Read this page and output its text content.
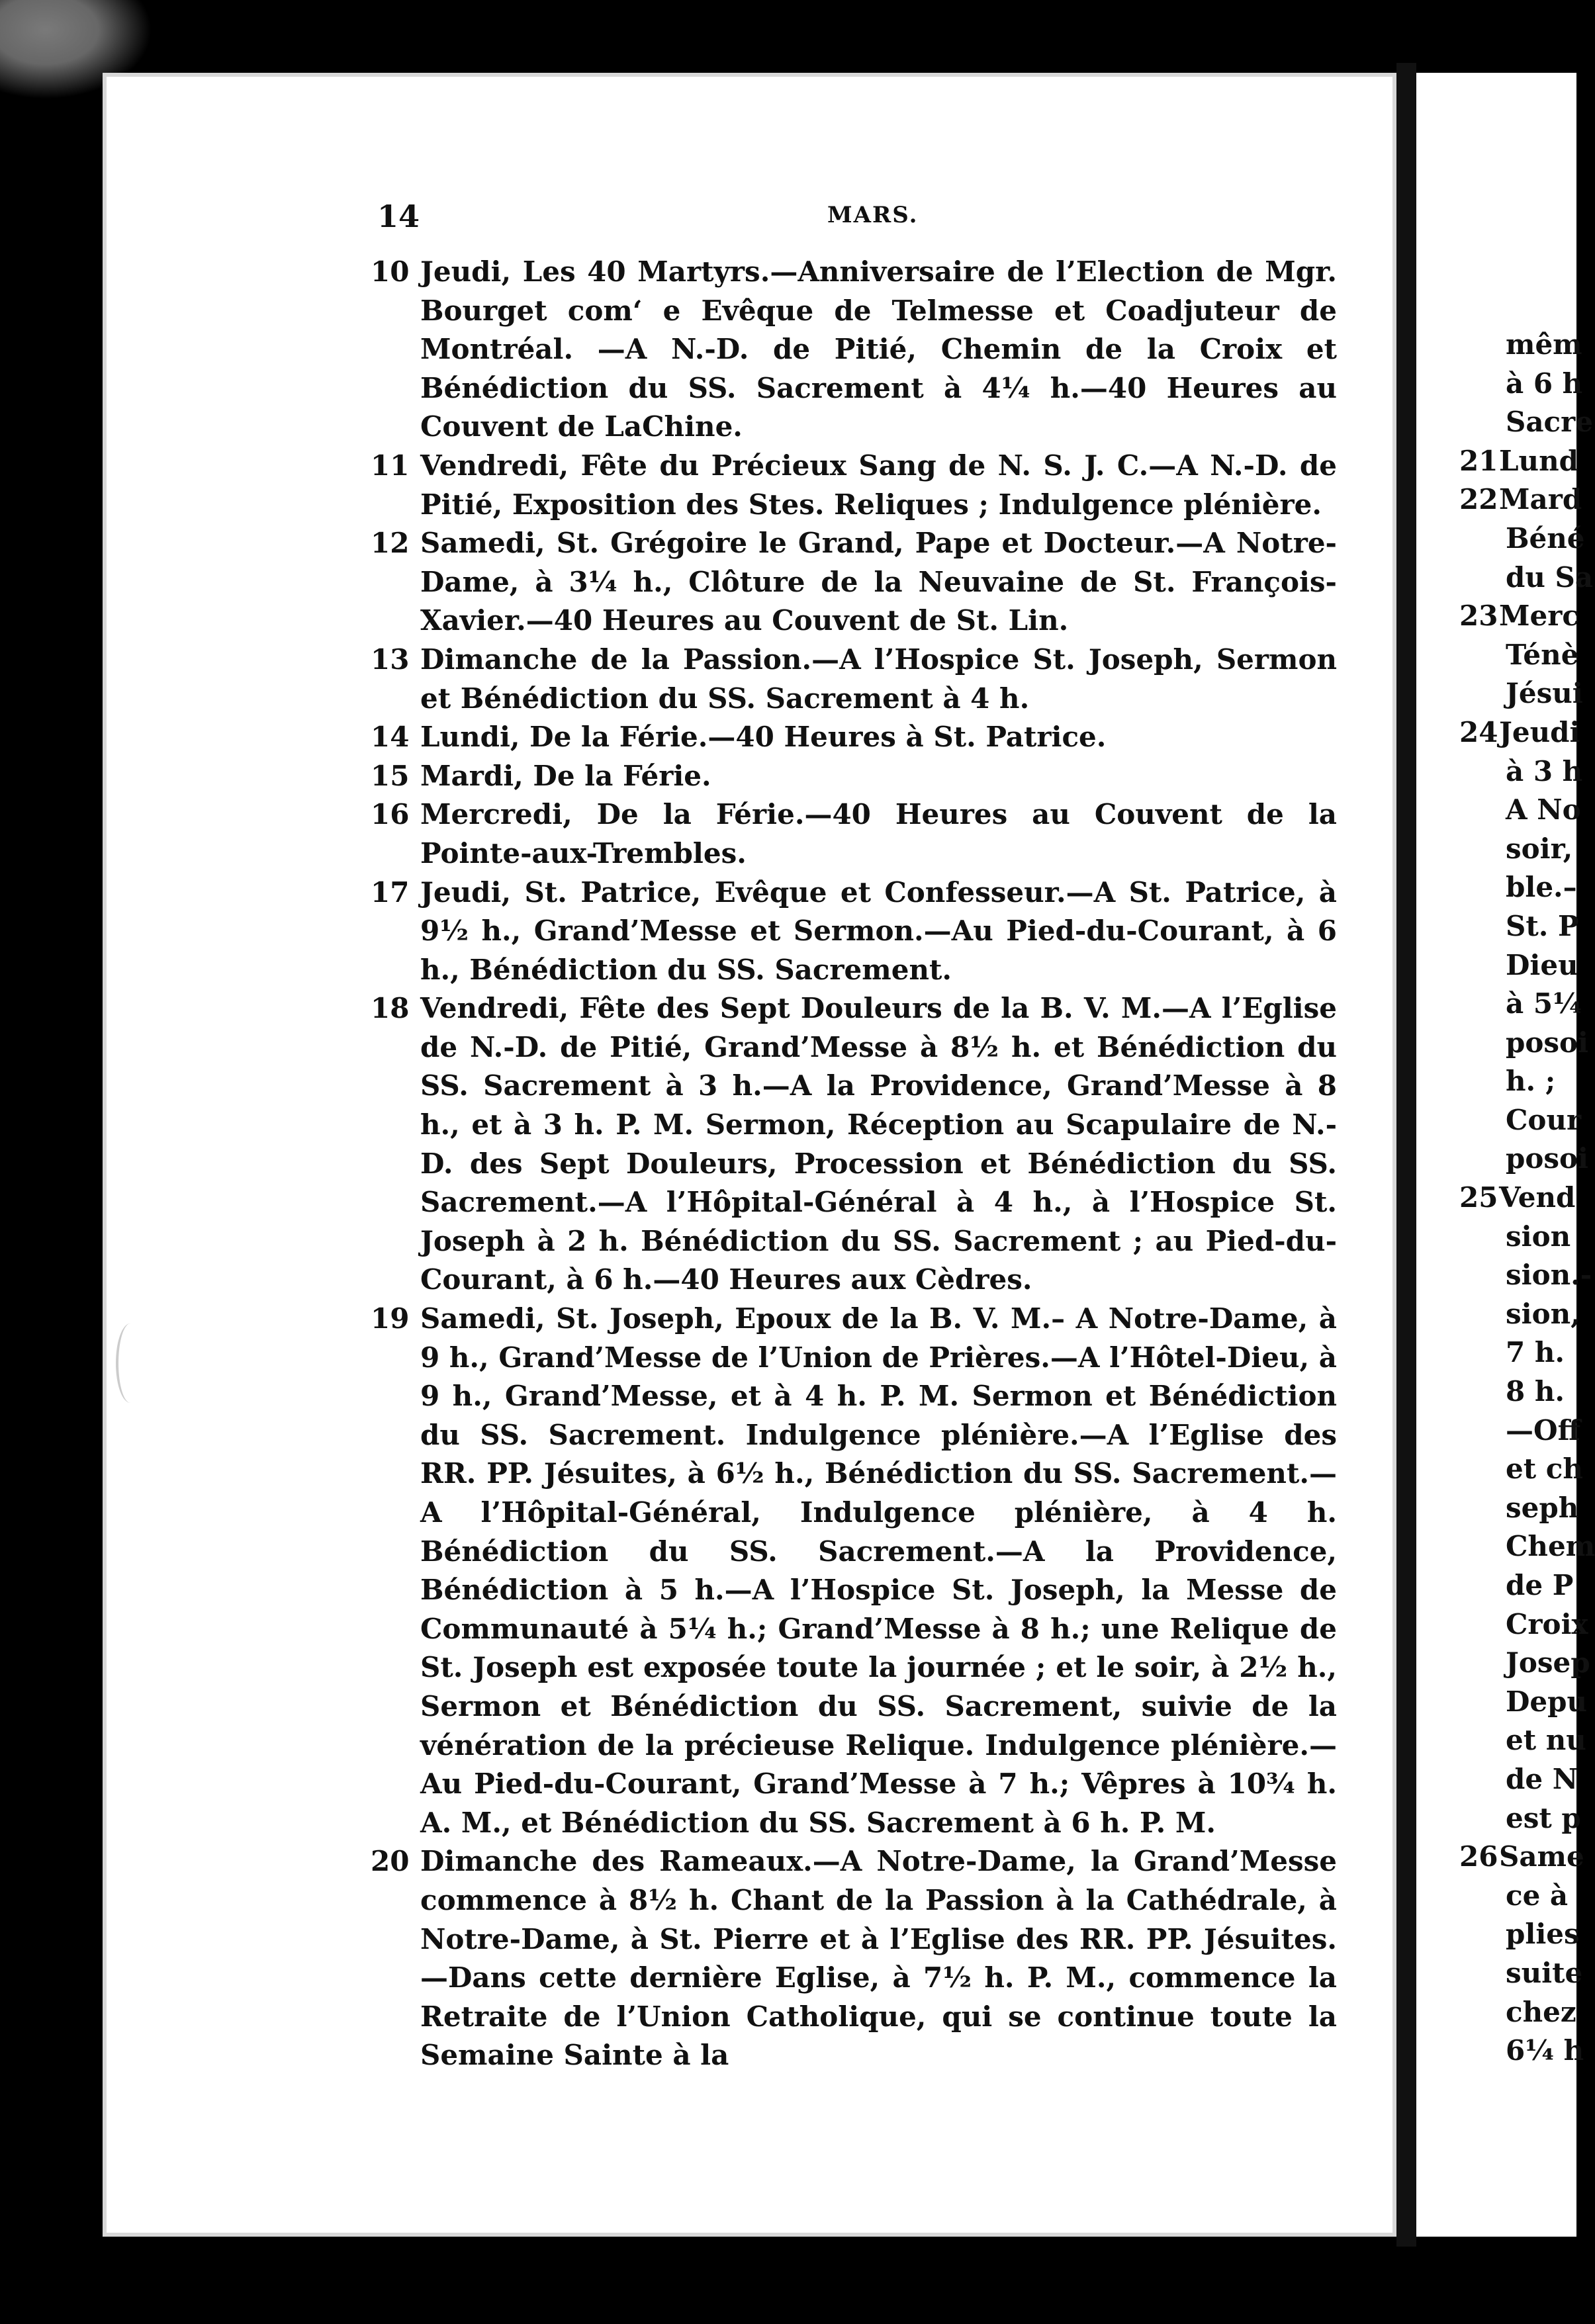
mêm
à 6 h
Sacre
21Lund
22Mard
Béné
du Sa
23Merc
Ténè
Jésui
24Jeudi
à 3 h
A No
soir,
ble.–
St. P
Dieu
à 5¼
posoi
h. ;
Cour
posoi
25Vend
sion
sion.-
sion,
7 h.
8 h.
—Off
et ch
seph
Chem
de P
Croix
Josep
Depu
et nu
de N
est p
26Same
ce à
plies
suite
chez
6¼ h
14	MARS.
10 Jeudi, Les 40 Martyrs.—Anniversaire de l’Election de Mgr. Bourget com‘ e Evêque de Telmesse et Coadjuteur de Montréal. —A N.-D. de Pitié, Chemin de la Croix et Bénédiction du SS. Sacrement à 4¼ h.—40 Heures au Couvent de LaChine.
11 Vendredi, Fête du Précieux Sang de N. S. J. C.—A N.-D. de Pitié, Exposition des Stes. Reliques ; Indulgence plénière.
12 Samedi, St. Grégoire le Grand, Pape et Docteur.—A Notre-Dame, à 3¼ h., Clôture de la Neuvaine de St. François-Xavier.—40 Heures au Couvent de St. Lin.
13 Dimanche de la Passion.—A l’Hospice St. Joseph, Sermon et Bénédiction du SS. Sacrement à 4 h.
14 Lundi, De la Férie.—40 Heures à St. Patrice.
15 Mardi, De la Férie.
16 Mercredi, De la Férie.—40 Heures au Couvent de la Pointe-aux-Trembles.
17 Jeudi, St. Patrice, Evêque et Confesseur.—A St. Patrice, à 9½ h., Grand’Messe et Sermon.—Au Pied-du-Courant, à 6 h., Bénédiction du SS. Sacrement.
18 Vendredi, Fête des Sept Douleurs de la B. V. M.—A l’Eglise de N.-D. de Pitié, Grand’Messe à 8½ h. et Bénédiction du SS. Sacrement à 3 h.—A la Providence, Grand’Messe à 8 h., et à 3 h. P. M. Sermon, Réception au Scapulaire de N.-D. des Sept Douleurs, Procession et Bénédiction du SS. Sacrement.—A l’Hôpital-Général à 4 h., à l’Hospice St. Joseph à 2 h. Bénédiction du SS. Sacrement ; au Pied-du-Courant, à 6 h.—40 Heures aux Cèdres.
19 Samedi, St. Joseph, Epoux de la B. V. M.– A Notre-Dame, à 9 h., Grand’Messe de l’Union de Prières.—A l’Hôtel-Dieu, à 9 h., Grand’Messe, et à 4 h. P. M. Sermon et Bénédiction du SS. Sacrement. Indulgence plénière.—A l’Eglise des RR. PP. Jésuites, à 6½ h., Bénédiction du SS. Sacrement.—A l’Hôpital-Général, Indulgence plénière, à 4 h. Bénédiction du SS. Sacrement.—A la Providence, Bénédiction à 5 h.—A l’Hospice St. Joseph, la Messe de Communauté à 5¼ h.; Grand’Messe à 8 h.; une Relique de St. Joseph est exposée toute la journée ; et le soir, à 2½ h., Sermon et Bénédiction du SS. Sacrement, suivie de la vénération de la précieuse Relique. Indulgence plénière.—Au Pied-du-Courant, Grand’Messe à 7 h.; Vêpres à 10¾ h. A. M., et Bénédiction du SS. Sacrement à 6 h. P. M.
20 Dimanche des Rameaux.—A Notre-Dame, la Grand’Messe commence à 8½ h. Chant de la Passion à la Cathédrale, à Notre-Dame, à St. Pierre et à l’Eglise des RR. PP. Jésuites.—Dans cette dernière Eglise, à 7½ h. P. M., commence la Retraite de l’Union Catholique, qui se continue toute la Semaine Sainte à la
